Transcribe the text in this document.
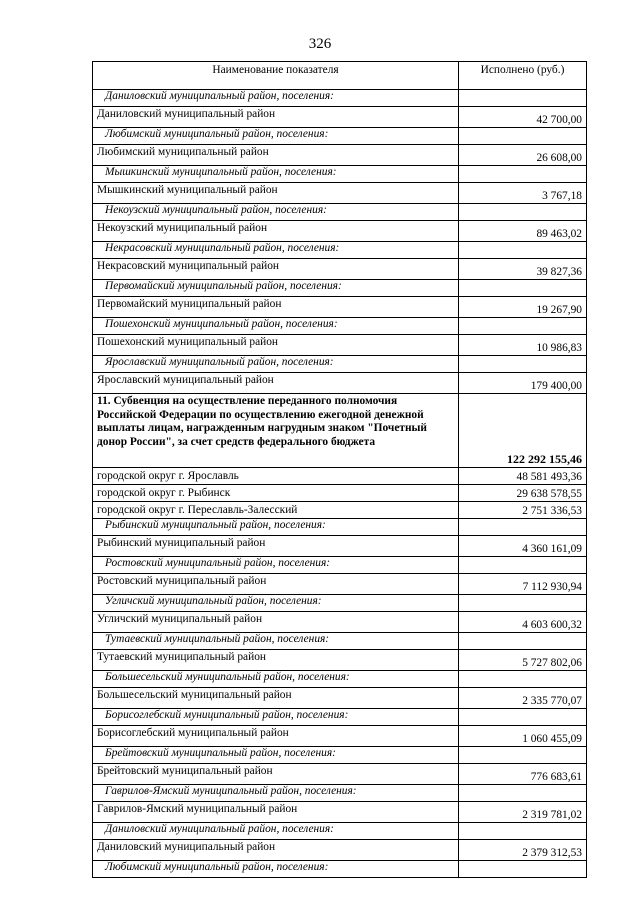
326
Наименование показателя	Исполнено (руб.)
Даниловский муниципальный район, поселения:	
Даниловский муниципальный район	42 700,00
Любимский муниципальный район, поселения:	
Любимский муниципальный район	26 608,00
Мышкинский муниципальный район, поселения:	
Мышкинский муниципальный район	3 767,18
Некоузский муниципальный район, поселения:	
Некоузский муниципальный район	89 463,02
Некрасовский муниципальный район, поселения:	
Некрасовский муниципальный район	39 827,36
Первомайский муниципальный район, поселения:	
Первомайский муниципальный район	19 267,90
Пошехонский муниципальный район, поселения:	
Пошехонский муниципальный район	10 986,83
Ярославский муниципальный район, поселения:	
Ярославский муниципальный район	179 400,00
11. Субвенция на осуществление переданного полномочия Российской Федерации по осуществлению ежегодной денежной выплаты лицам, награжденным нагрудным знаком "Почетный донор России", за счет средств федерального бюджета	122 292 155,46
городской округ г. Ярославль	48 581 493,36
городской округ г. Рыбинск	29 638 578,55
городской округ г. Переславль-Залесский	2 751 336,53
Рыбинский муниципальный район, поселения:	
Рыбинский муниципальный район	4 360 161,09
Ростовский муниципальный район, поселения:	
Ростовский муниципальный район	7 112 930,94
Угличский муниципальный район, поселения:	
Угличский муниципальный район	4 603 600,32
Тутаевский муниципальный район, поселения:	
Тутаевский муниципальный район	5 727 802,06
Большесельский муниципальный район, поселения:	
Большесельский муниципальный район	2 335 770,07
Борисоглебский муниципальный район, поселения:	
Борисоглебский муниципальный район	1 060 455,09
Брейтовский муниципальный район, поселения:	
Брейтовский муниципальный район	776 683,61
Гаврилов-Ямский муниципальный район, поселения:	
Гаврилов-Ямский муниципальный район	2 319 781,02
Даниловский муниципальный район, поселения:	
Даниловский муниципальный район	2 379 312,53
Любимский муниципальный район, поселения:	
